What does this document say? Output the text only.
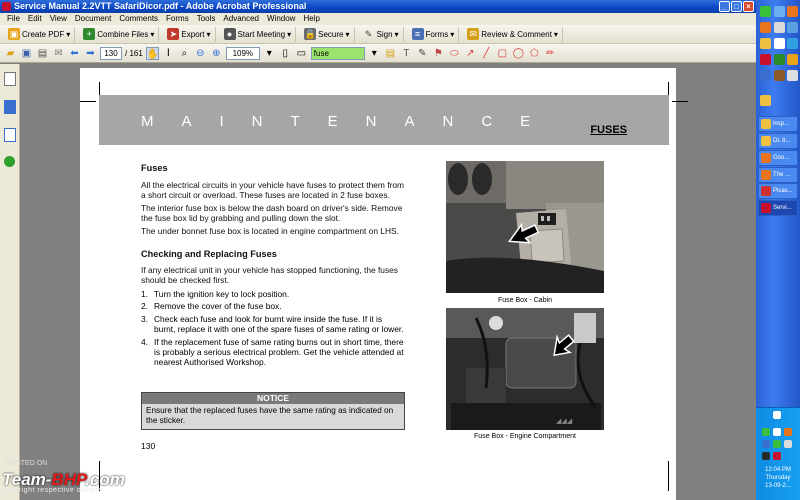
Service Manual 2.2VTT SafariDicor.pdf - Adobe Acrobat Professional	_ □ ×
File	Edit	View	Document	Comments	Forms	Tools	Advanced	Window	Help
▣ Create PDF ▾	+ Combine Files ▾ ➤ Export ▾	● Start Meeting ▾ 🔒 Secure ▾ ✎ Sign ▾	≡ Forms ▾ ✉ Review & Comment ▾
▰ ▣ ▤ ✉ ⬅ ➡	130 / 161 ✋ Ⅰ	⌕ ⊖ ⊕	109%	▾	▯ ▭ fuse	▾ ▤ T ✎ ⚑ ⬭ ↗ ╱ ▢ ◯ ⬠ ✏
MAINTENANCE	FUSES
Fuses
All the electrical circuits in your vehicle have fuses to protect them from a short circuit or overload. These fuses are located in 2 fuse boxes.
The interior fuse box is below the dash board on driver's side. Remove the fuse box lid by grabbing and pulling down the slot.
The under bonnet fuse box is located in engine compartment on LHS.
Checking and Replacing Fuses
If any electrical unit in your vehicle has stopped functioning, the fuses should be checked first.
1. Turn the ignition key to lock position.
2. Remove the cover of the fuse box.
3. Check each fuse and look for burnt wire inside the fuse. If it is burnt, replace it with one of the spare fuses of same rating or lower.
4. If the replacement fuse of same rating burns out in short time, there is probably a serious electrical problem. Get the vehicle attended at nearest Authorised Workshop.
NOTICE
Ensure that the replaced fuses have the same rating as indicated on the sticker.
130
Fuse Box - Cabin
◢◢◢
Fuse Box - Engine Compartment
POSTED ON
Team-BHP.com
copyright respective owners
insp...
DL 8...
Goo...
The ...
Picas...
Servi...
12:04 PM
Thursday
13-09-2...
